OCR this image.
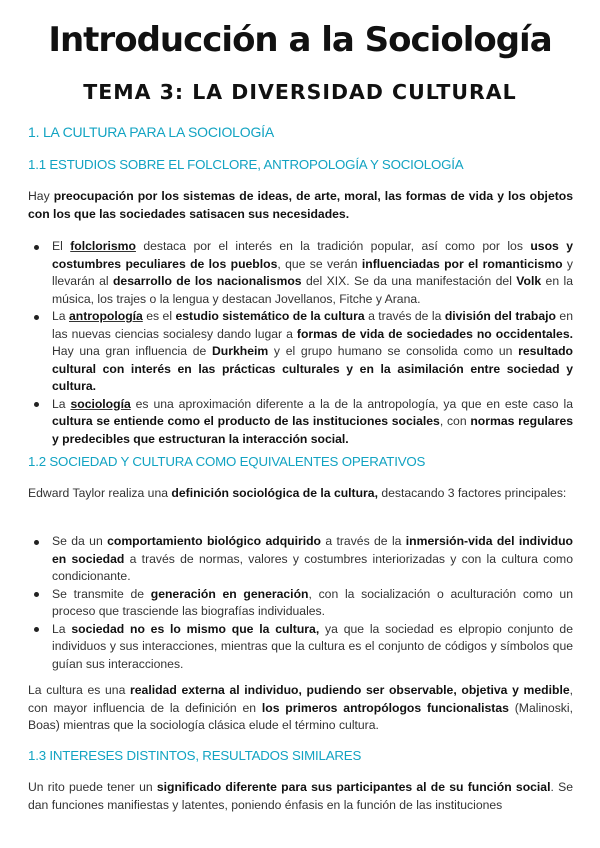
Introducción a la Sociología
TEMA 3: LA DIVERSIDAD CULTURAL
1. LA CULTURA PARA LA SOCIOLOGÍA
1.1 ESTUDIOS SOBRE EL FOLCLORE, ANTROPOLOGÍA Y SOCIOLOGÍA
Hay preocupación por los sistemas de ideas, de arte, moral, las formas de vida y los objetos con los que las sociedades satisacen sus necesidades.
El folclorismo destaca por el interés en la tradición popular, así como por los usos y costumbres peculiares de los pueblos, que se verán influenciadas por el romanticismo y llevarán al desarrollo de los nacionalismos del XIX. Se da una manifestación del Volk en la música, los trajes o la lengua y destacan Jovellanos, Fitche y Arana.
La antropología es el estudio sistemático de la cultura a través de la división del trabajo en las nuevas ciencias socialesy dando lugar a formas de vida de sociedades no occidentales. Hay una gran influencia de Durkheim y el grupo humano se consolida como un resultado cultural con interés en las prácticas culturales y en la asimilación entre sociedad y cultura.
La sociología es una aproximación diferente a la de la antropología, ya que en este caso la cultura se entiende como el producto de las instituciones sociales, con normas regulares y predecibles que estructuran la interacción social.
1.2 SOCIEDAD Y CULTURA COMO EQUIVALENTES OPERATIVOS
Edward Taylor realiza una definición sociológica de la cultura, destacando 3 factores principales:
Se da un comportamiento biológico adquirido a través de la inmersión-vida del individuo en sociedad a través de normas, valores y costumbres interiorizadas y con la cultura como condicionante.
Se transmite de generación en generación, con la socialización o aculturación como un proceso que trasciende las biografías individuales.
La sociedad no es lo mismo que la cultura, ya que la sociedad es elpropio conjunto de individuos y sus interacciones, mientras que la cultura es el conjunto de códigos y símbolos que guían sus interacciones.
La cultura es una realidad externa al individuo, pudiendo ser observable, objetiva y medible, con mayor influencia de la definición en los primeros antropólogos funcionalistas (Malinoski, Boas) mientras que la sociología clásica elude el término cultura.
1.3 INTERESES DISTINTOS, RESULTADOS SIMILARES
Un rito puede tener un significado diferente para sus participantes al de su función social. Se dan funciones manifiestas y latentes, poniendo énfasis en la función de las instituciones
